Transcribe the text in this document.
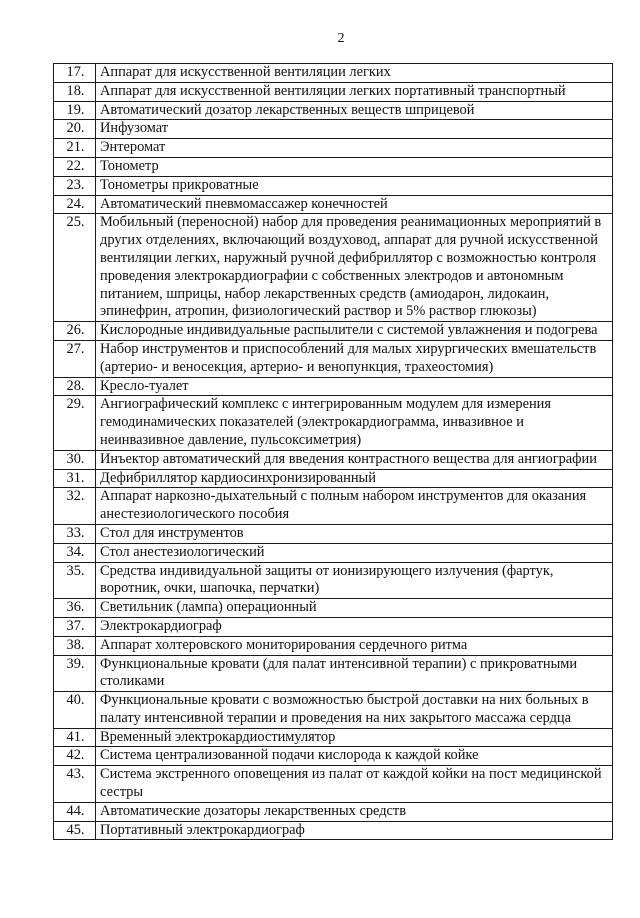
2
17.	Аппарат для искусственной вентиляции легких
18.	Аппарат для искусственной вентиляции легких портативный транспортный
19.	Автоматический дозатор лекарственных веществ шприцевой
20.	Инфузомат
21.	Энтеромат
22.	Тонометр
23.	Тонометры прикроватные
24.	Автоматический пневмомассажер конечностей
25.	Мобильный (переносной) набор для проведения реанимационных мероприятий в других отделениях, включающий воздуховод, аппарат для ручной искусственной вентиляции легких, наружный ручной дефибриллятор с возможностью контроля проведения электрокардиографии с собственных электродов и автономным питанием, шприцы, набор лекарственных средств (амиодарон, лидокаин, эпинефрин, атропин, физиологический раствор и 5% раствор глюкозы)
26.	Кислородные индивидуальные распылители с системой увлажнения и подогрева
27.	Набор инструментов и приспособлений для малых хирургических вмешательств (артерио- и веносекция, артерио- и венопункция, трахеостомия)
28.	Кресло-туалет
29.	Ангиографический комплекс с интегрированным модулем для измерения гемодинамических показателей (электрокардиограмма, инвазивное и неинвазивное давление, пульсоксиметрия)
30.	Инъектор автоматический для введения контрастного вещества для ангиографии
31.	Дефибриллятор кардиосинхронизированный
32.	Аппарат наркозно-дыхательный с полным набором инструментов для оказания анестезиологического пособия
33.	Стол для инструментов
34.	Стол анестезиологический
35.	Средства индивидуальной защиты от ионизирующего излучения (фартук, воротник, очки, шапочка, перчатки)
36.	Светильник (лампа) операционный
37.	Электрокардиограф
38.	Аппарат холтеровского мониторирования сердечного ритма
39.	Функциональные кровати (для палат интенсивной терапии) с прикроватными столиками
40.	Функциональные кровати с возможностью быстрой доставки на них больных в палату интенсивной терапии и проведения на них закрытого массажа сердца
41.	Временный электрокардиостимулятор
42.	Система централизованной подачи кислорода к каждой койке
43.	Система экстренного оповещения из палат от каждой койки на пост медицинской сестры
44.	Автоматические дозаторы лекарственных средств
45.	Портативный электрокардиограф
